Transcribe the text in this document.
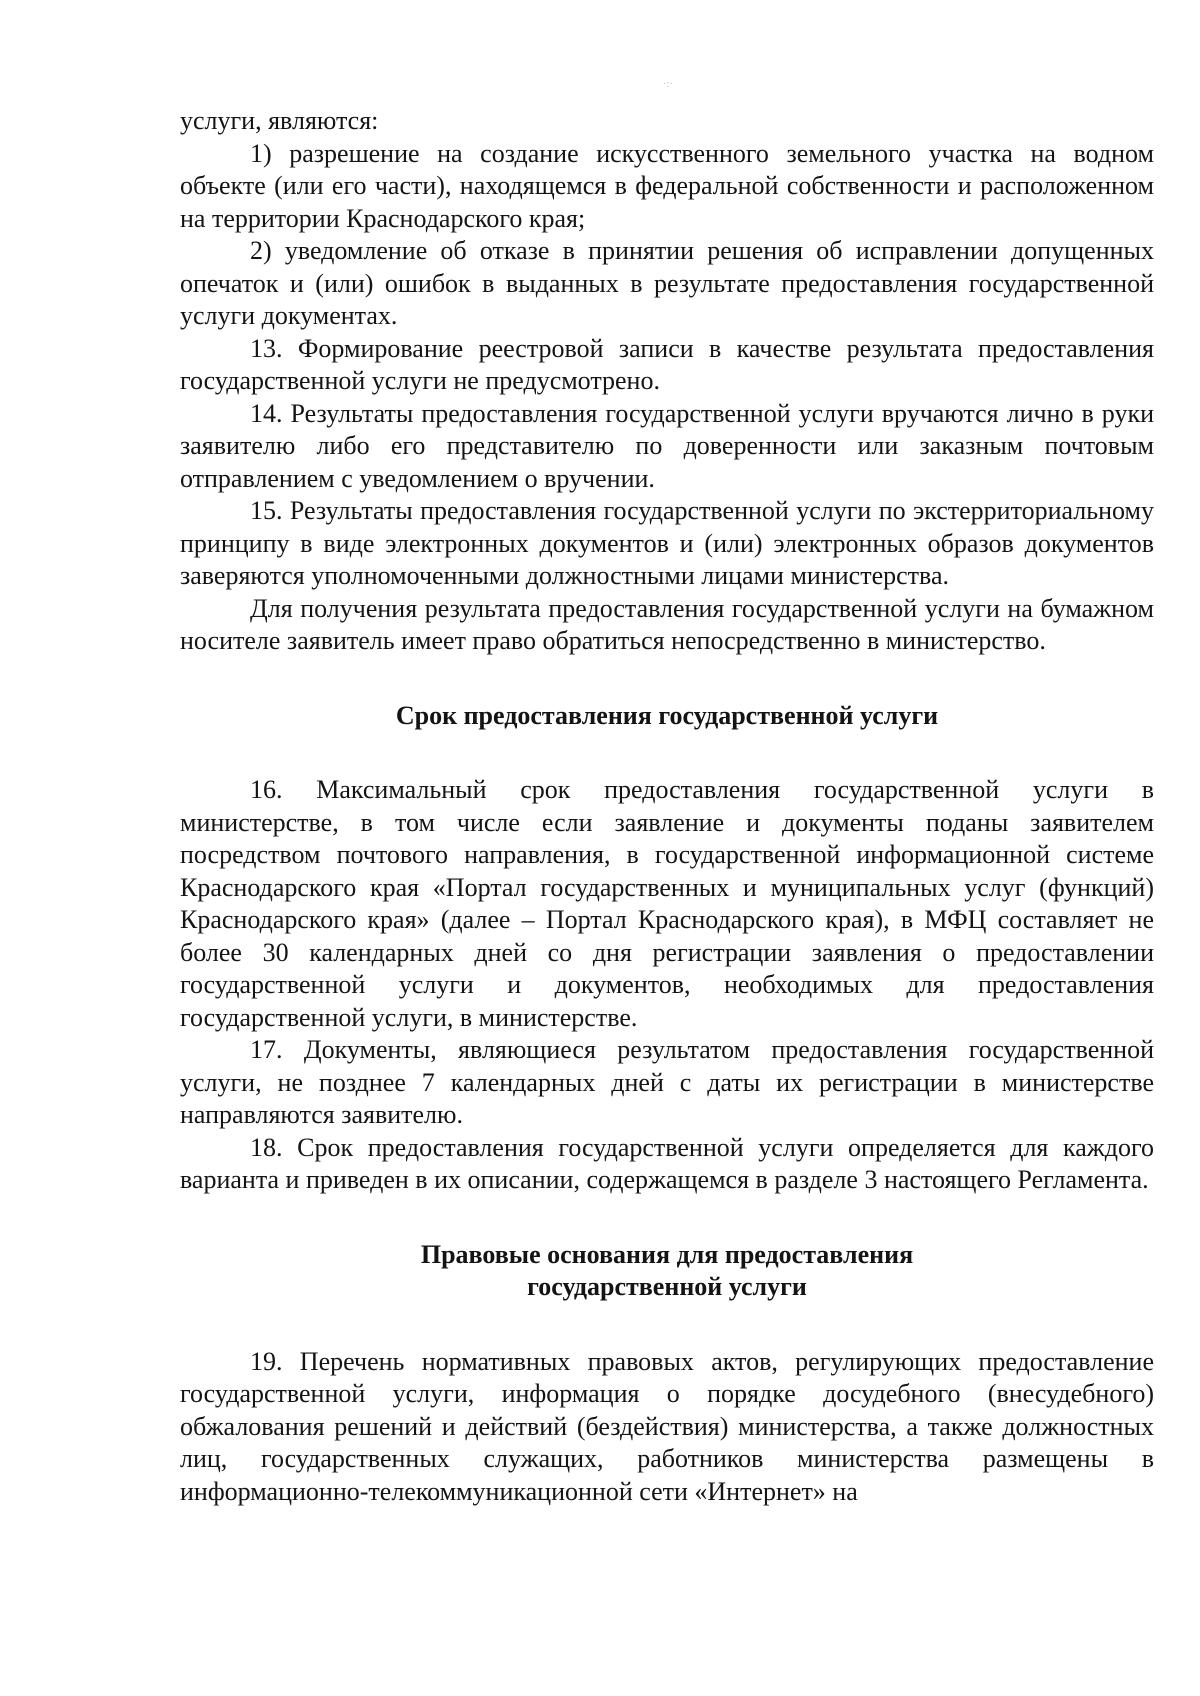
·:·

услуги, являются:

1) разрешение на создание искусственного земельного участка на водном объекте (или его части), находящемся в федеральной собственности и расположенном на территории Краснодарского края;

2) уведомление об отказе в принятии решения об исправлении допущенных опечаток и (или) ошибок в выданных в результате предоставления государственной услуги документах.

13. Формирование реестровой записи в качестве результата предоставления государственной услуги не предусмотрено.

14. Результаты предоставления государственной услуги вручаются лично в руки заявителю либо его представителю по доверенности или заказным почтовым отправлением с уведомлением о вручении.

15. Результаты предоставления государственной услуги по экстерриториальному принципу в виде электронных документов и (или) электронных образов документов заверяются уполномоченными должностными лицами министерства.

Для получения результата предоставления государственной услуги на бумажном носителе заявитель имеет право обратиться непосредственно в министерство.

Срок предоставления государственной услуги

16. Максимальный срок предоставления государственной услуги в министерстве, в том числе если заявление и документы поданы заявителем посредством почтового направления, в государственной информационной системе Краснодарского края «Портал государственных и муниципальных услуг (функций) Краснодарского края» (далее – Портал Краснодарского края), в МФЦ составляет не более 30 календарных дней со дня регистрации заявления о предоставлении государственной услуги и документов, необходимых для предоставления государственной услуги, в министерстве.

17. Документы, являющиеся результатом предоставления государственной услуги, не позднее 7 календарных дней с даты их регистрации в министерстве направляются заявителю.

18. Срок предоставления государственной услуги определяется для каждого варианта и приведен в их описании, содержащемся в разделе 3 настоящего Регламента.

Правовые основания для предоставления
государственной услуги

19. Перечень нормативных правовых актов, регулирующих предоставление государственной услуги, информация о порядке досудебного (внесудебного) обжалования решений и действий (бездействия) министерства, а также должностных лиц, государственных служащих, работников министерства размещены в информационно-телекоммуникационной сети «Интернет» на
